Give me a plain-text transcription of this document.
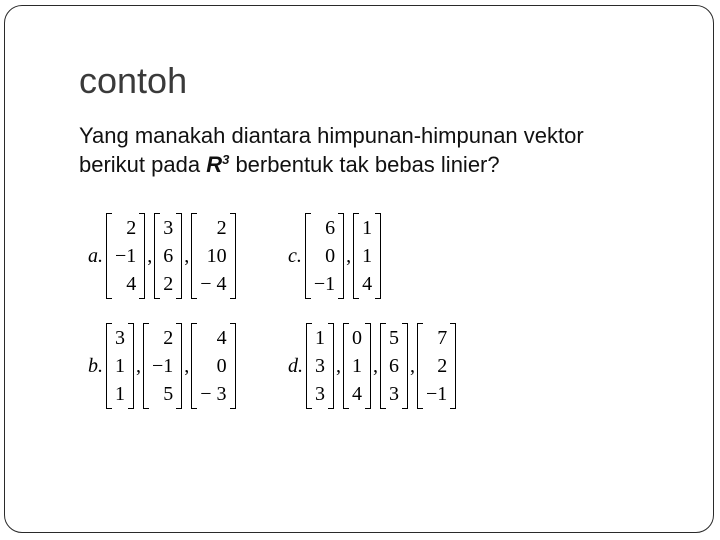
contoh

Yang manakah diantara himpunan-himpunan vektor
berikut pada $R^3$ berbentuk tak bebas linier?

a.
2
−1
4
,
3
6
2
,
2
10
− 4
b.
3
1
1
,
2
−1
5
,
4
0
− 3
c.
6
0
−1
,
1
1
4
d.
1
3
3
,
0
1
4
,
5
6
3
,
7
2
−1
